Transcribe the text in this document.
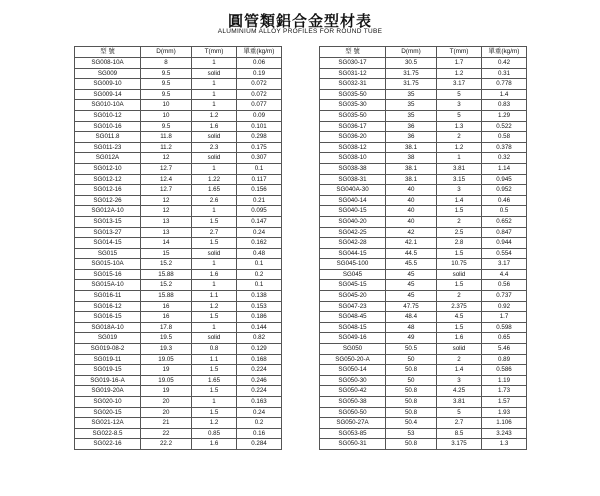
圓管類鋁合金型材表
ALUMINIUM ALLOY PROFILES FOR ROUND TUBE
型 號	D(mm)	T(mm)	單重(kg/m)
SG008-10A	8	1	0.06
SG009	9.5	solid	0.19
SG009-10	9.5	1	0.072
SG009-14	9.5	1	0.072
SG010-10A	10	1	0.077
SG010-12	10	1.2	0.09
SG010-16	9.5	1.6	0.101
SG011.8	11.8	solid	0.298
SG011-23	11.2	2.3	0.175
SG012A	12	solid	0.307
SG012-10	12.7	1	0.1
SG012-12	12.4	1.22	0.117
SG012-16	12.7	1.65	0.156
SG012-26	12	2.6	0.21
SG012A-10	12	1	0.095
SG013-15	13	1.5	0.147
SG013-27	13	2.7	0.24
SG014-15	14	1.5	0.162
SG015	15	solid	0.48
SG015-10A	15.2	1	0.1
SG015-16	15.88	1.6	0.2
SG015A-10	15.2	1	0.1
SG016-11	15.88	1.1	0.138
SG016-12	16	1.2	0.153
SG016-15	16	1.5	0.186
SG018A-10	17.8	1	0.144
SG019	19.5	solid	0.82
SG019-08-2	19.3	0.8	0.129
SG019-11	19.05	1.1	0.168
SG019-15	19	1.5	0.224
SG019-16-A	19.05	1.65	0.246
SG019-20A	19	1.5	0.224
SG020-10	20	1	0.163
SG020-15	20	1.5	0.24
SG021-12A	21	1.2	0.2
SG022-8.5	22	0.85	0.16
SG022-16	22.2	1.6	0.284
型 號	D(mm)	T(mm)	單重(kg/m)
SG030-17	30.5	1.7	0.42
SG031-12	31.75	1.2	0.31
SG032-31	31.75	3.17	0.778
SG035-50	35	5	1.4
SG035-30	35	3	0.83
SG035-50	35	5	1.29
SG036-17	36	1.3	0.522
SG036-20	36	2	0.58
SG038-12	38.1	1.2	0.378
SG038-10	38	1	0.32
SG038-38	38.1	3.81	1.14
SG038-31	38.1	3.15	0.945
SG040A-30	40	3	0.952
SG040-14	40	1.4	0.46
SG040-15	40	1.5	0.5
SG040-20	40	2	0.652
SG042-25	42	2.5	0.847
SG042-28	42.1	2.8	0.944
SG044-15	44.5	1.5	0.554
SG045-100	45.5	10.75	3.17
SG045	45	solid	4.4
SG045-15	45	1.5	0.56
SG045-20	45	2	0.737
SG047-23	47.75	2.375	0.92
SG048-45	48.4	4.5	1.7
SG048-15	48	1.5	0.598
SG049-16	49	1.6	0.65
SG050	50.5	solid	5.46
SG050-20-A	50	2	0.89
SG050-14	50.8	1.4	0.586
SG050-30	50	3	1.19
SG050-42	50.8	4.25	1.73
SG050-38	50.8	3.81	1.57
SG050-50	50.8	5	1.93
SG050-27A	50.4	2.7	1.106
SG053-85	53	8.5	3.243
SG050-31	50.8	3.175	1.3
